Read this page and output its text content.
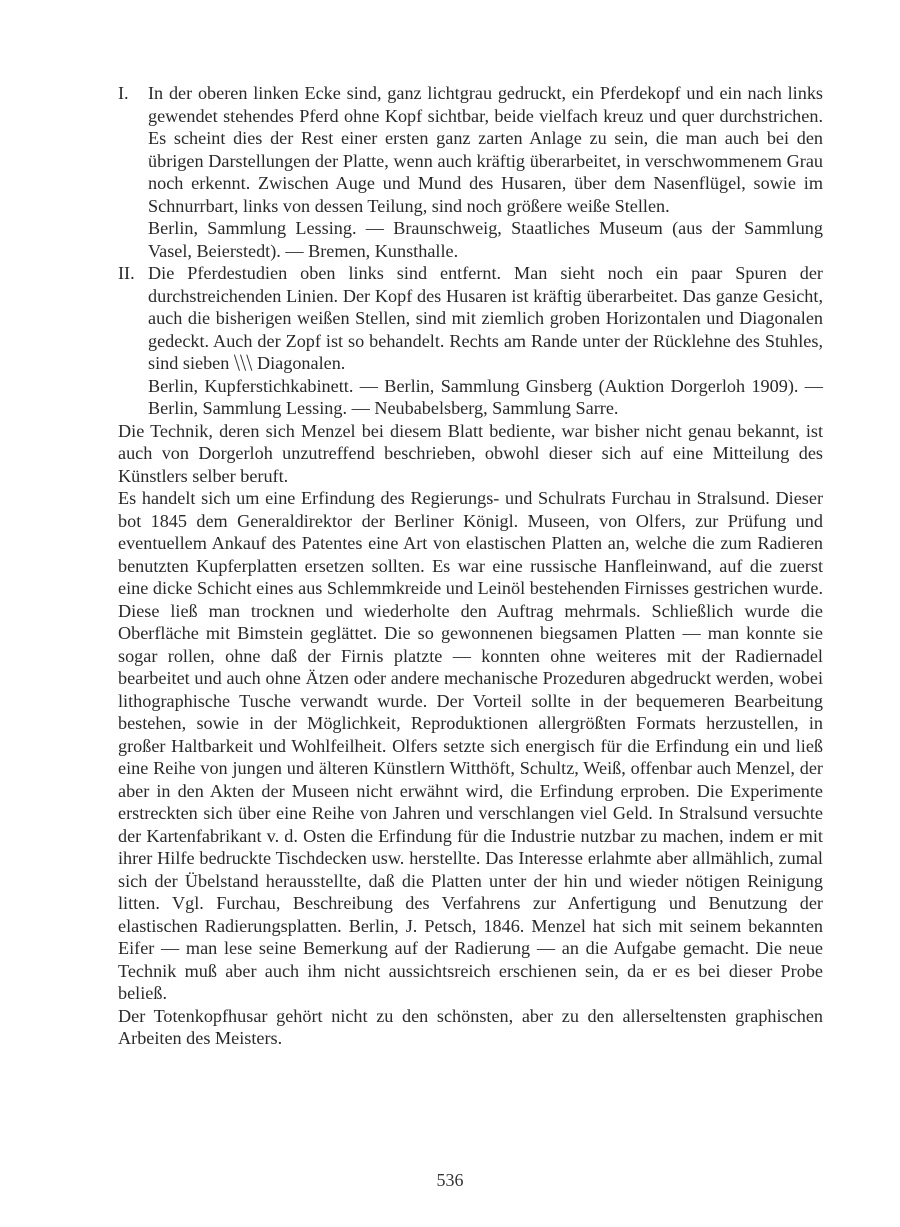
I.	In der oberen linken Ecke sind, ganz lichtgrau gedruckt, ein Pferdekopf und ein nach links gewendet stehendes Pferd ohne Kopf sichtbar, beide vielfach kreuz und quer durchstrichen. Es scheint dies der Rest einer ersten ganz zarten Anlage zu sein, die man auch bei den übrigen Darstellungen der Platte, wenn auch kräftig überarbeitet, in verschwommenem Grau noch erkennt. Zwischen Auge und Mund des Husaren, über dem Nasenflügel, sowie im Schnurrbart, links von dessen Teilung, sind noch größere weiße Stellen.

Berlin, Sammlung Lessing. — Braunschweig, Staatliches Museum (aus der Sammlung Vasel, Beierstedt). — Bremen, Kunsthalle.

II. Die Pferdestudien oben links sind entfernt. Man sieht noch ein paar Spuren der durchstreichenden Linien. Der Kopf des Husaren ist kräftig überarbeitet. Das ganze Gesicht, auch die bisherigen weißen Stellen, sind mit ziemlich groben Horizontalen und Diagonalen gedeckt. Auch der Zopf ist so behandelt. Rechts am Rande unter der Rücklehne des Stuhles, sind sieben ⧹⧹⧹ Diagonalen.

Berlin, Kupferstichkabinett. — Berlin, Sammlung Ginsberg (Auktion Dorgerloh 1909). — Berlin, Sammlung Lessing. — Neubabelsberg, Sammlung Sarre.

Die Technik, deren sich Menzel bei diesem Blatt bediente, war bisher nicht genau bekannt, ist auch von Dorgerloh unzutreffend beschrieben, obwohl dieser sich auf eine Mitteilung des Künstlers selber beruft.

Es handelt sich um eine Erfindung des Regierungs- und Schulrats Furchau in Stralsund. Dieser bot 1845 dem Generaldirektor der Berliner Königl. Museen, von Olfers, zur Prüfung und eventuellem Ankauf des Patentes eine Art von elastischen Platten an, welche die zum Radieren benutzten Kupferplatten ersetzen sollten. Es war eine russische Hanfleinwand, auf die zuerst eine dicke Schicht eines aus Schlemmkreide und Leinöl bestehenden Firnisses gestrichen wurde. Diese ließ man trocknen und wiederholte den Auftrag mehrmals. Schließlich wurde die Oberfläche mit Bimstein geglättet. Die so gewonnenen biegsamen Platten — man konnte sie sogar rollen, ohne daß der Firnis platzte — konnten ohne weiteres mit der Radiernadel bearbeitet und auch ohne Ätzen oder andere mechanische Prozeduren abgedruckt werden, wobei lithographische Tusche verwandt wurde. Der Vorteil sollte in der bequemeren Bearbeitung bestehen, sowie in der Möglichkeit, Reproduktionen allergrößten Formats herzustellen, in großer Haltbarkeit und Wohlfeilheit. Olfers setzte sich energisch für die Erfindung ein und ließ eine Reihe von jungen und älteren Künstlern Witthöft, Schultz, Weiß, offenbar auch Menzel, der aber in den Akten der Museen nicht erwähnt wird, die Erfindung erproben. Die Experimente erstreckten sich über eine Reihe von Jahren und verschlangen viel Geld. In Stralsund versuchte der Kartenfabrikant v. d. Osten die Erfindung für die Industrie nutzbar zu machen, indem er mit ihrer Hilfe bedruckte Tischdecken usw. herstellte. Das Interesse erlahmte aber allmählich, zumal sich der Übelstand herausstellte, daß die Platten unter der hin und wieder nötigen Reinigung litten. Vgl. Furchau, Beschreibung des Verfahrens zur Anfertigung und Benutzung der elastischen Radierungsplatten. Berlin, J. Petsch, 1846. Menzel hat sich mit seinem bekannten Eifer — man lese seine Bemerkung auf der Radierung — an die Aufgabe gemacht. Die neue Technik muß aber auch ihm nicht aussichtsreich erschienen sein, da er es bei dieser Probe beließ.

Der Totenkopfhusar gehört nicht zu den schönsten, aber zu den allerseltensten graphischen Arbeiten des Meisters.

536
